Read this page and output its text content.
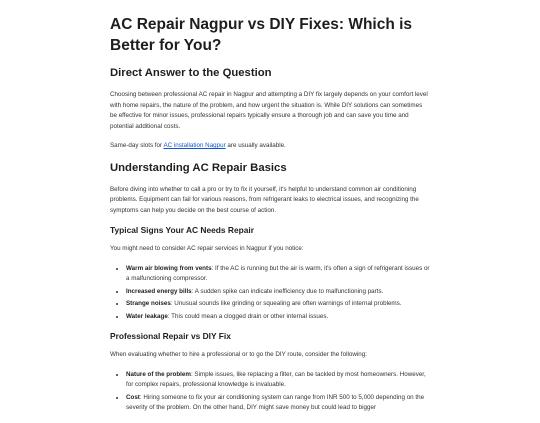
AC Repair Nagpur vs DIY Fixes: Which is Better for You?
Direct Answer to the Question

Choosing between professional AC repair in Nagpur and attempting a DIY fix largely depends on your comfort level with home repairs, the nature of the problem, and how urgent the situation is. While DIY solutions can sometimes be effective for minor issues, professional repairs typically ensure a thorough job and can save you time and potential additional costs.

Same-day slots for AC installation Nagpur are usually available.

Understanding AC Repair Basics

Before diving into whether to call a pro or try to fix it yourself, it's helpful to understand common air conditioning problems. Equipment can fail for various reasons, from refrigerant leaks to electrical issues, and recognizing the symptoms can help you decide on the best course of action.

Typical Signs Your AC Needs Repair

You might need to consider AC repair services in Nagpur if you notice:

• Warm air blowing from vents: If the AC is running but the air is warm, it's often a sign of refrigerant issues or a malfunctioning compressor.
• Increased energy bills: A sudden spike can indicate inefficiency due to malfunctioning parts.
• Strange noises: Unusual sounds like grinding or squealing are often warnings of internal problems.
• Water leakage: This could mean a clogged drain or other internal issues.
Professional Repair vs DIY Fix

When evaluating whether to hire a professional or to go the DIY route, consider the following:

• Nature of the problem: Simple issues, like replacing a filter, can be tackled by most homeowners. However, for complex repairs, professional knowledge is invaluable.
• Cost: Hiring someone to fix your air conditioning system can range from INR 500 to 5,000 depending on the severity of the problem. On the other hand, DIY might save money but could lead to bigger
